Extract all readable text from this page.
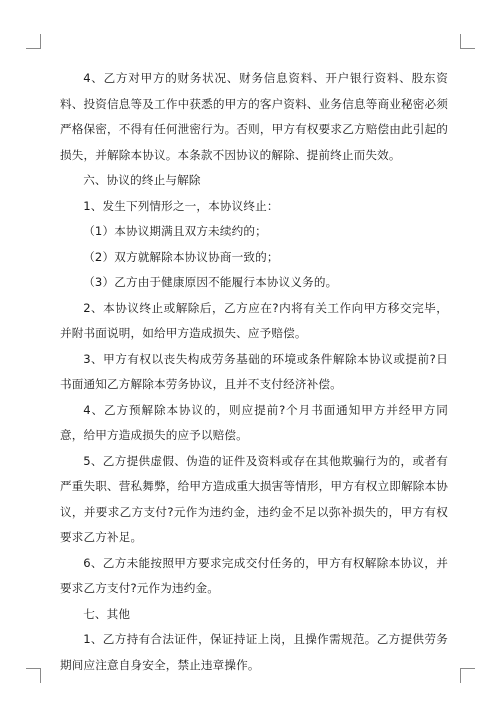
4、乙方对甲方的财务状况、财务信息资料、开户银行资料、股东资料、投资信息等及工作中获悉的甲方的客户资料、业务信息等商业秘密必须严格保密，不得有任何泄密行为。否则，甲方有权要求乙方赔偿由此引起的损失，并解除本协议。本条款不因协议的解除、提前终止而失效。

六、协议的终止与解除

1、发生下列情形之一，本协议终止：

（1）本协议期满且双方未续约的；

（2）双方就解除本协议协商一致的；

（3）乙方由于健康原因不能履行本协议义务的。

2、本协议终止或解除后，乙方应在?内将有关工作向甲方移交完毕，并附书面说明，如给甲方造成损失、应予赔偿。

3、甲方有权以丧失构成劳务基础的环境或条件解除本协议或提前?日书面通知乙方解除本劳务协议，且并不支付经济补偿。

4、乙方预解除本协议的，则应提前?个月书面通知甲方并经甲方同意，给甲方造成损失的应予以赔偿。

5、乙方提供虚假、伪造的证件及资料或存在其他欺骗行为的，或者有严重失职、营私舞弊，给甲方造成重大损害等情形，甲方有权立即解除本协议，并要求乙方支付?元作为违约金，违约金不足以弥补损失的，甲方有权要求乙方补足。

6、乙方未能按照甲方要求完成交付任务的，甲方有权解除本协议，并要求乙方支付?元作为违约金。

七、其他

1、乙方持有合法证件，保证持证上岗，且操作需规范。乙方提供劳务期间应注意自身安全，禁止违章操作。
